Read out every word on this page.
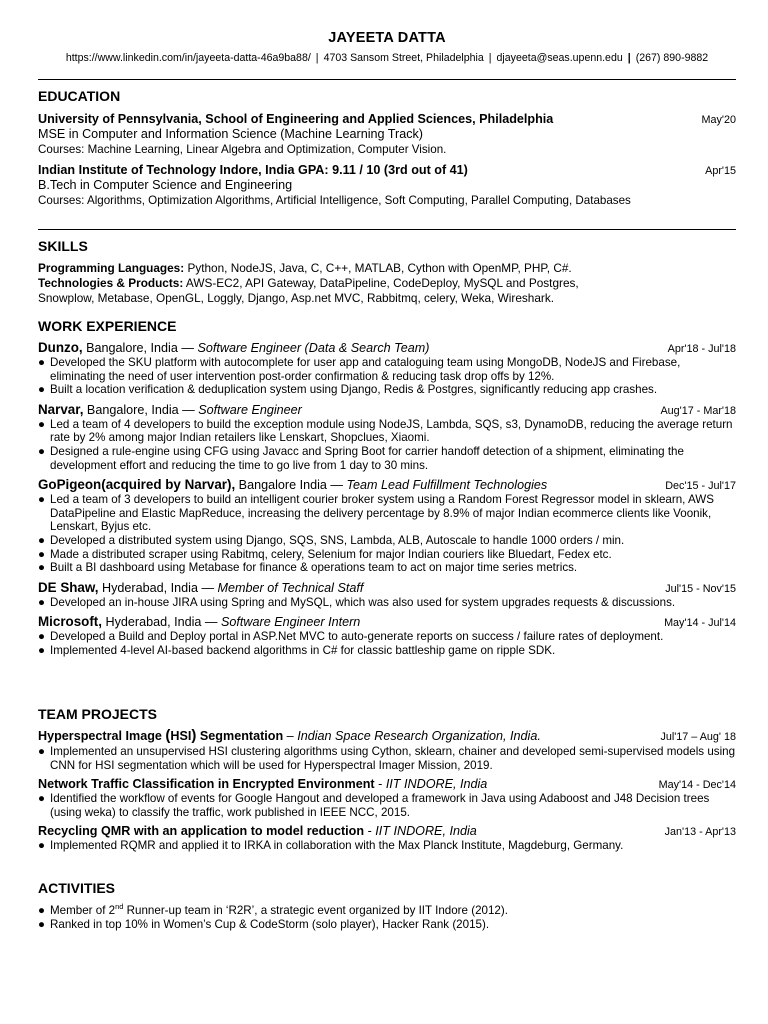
JAYEETA DATTA
https://www.linkedin.com/in/jayeeta-datta-46a9ba88/ | 4703 Sansom Street, Philadelphia | djayeeta@seas.upenn.edu | (267) 890-9882
EDUCATION
University of Pennsylvania, School of Engineering and Applied Sciences, Philadelphia	May'20
MSE in Computer and Information Science (Machine Learning Track)
Courses: Machine Learning, Linear Algebra and Optimization, Computer Vision.
Indian Institute of Technology Indore, India GPA: 9.11 / 10 (3rd out of 41)	Apr'15
B.Tech in Computer Science and Engineering
Courses: Algorithms, Optimization Algorithms, Artificial Intelligence, Soft Computing, Parallel Computing, Databases
SKILLS
Programming Languages: Python, NodeJS, Java, C, C++, MATLAB, Cython with OpenMP, PHP, C#.
Technologies & Products: AWS-EC2, API Gateway, DataPipeline, CodeDeploy, MySQL and Postgres,
Snowplow, Metabase, OpenGL, Loggly, Django, Asp.net MVC, Rabbitmq, celery, Weka, Wireshark.
WORK EXPERIENCE
Dunzo, Bangalore, India — Software Engineer (Data & Search Team)	Apr'18 - Jul'18
● Developed the SKU platform with autocomplete for user app and cataloguing team using MongoDB, NodeJS and Firebase, eliminating the need of user intervention post-order confirmation & reducing task drop offs by 12%.
● Built a location verification & deduplication system using Django, Redis & Postgres, significantly reducing app crashes.
Narvar, Bangalore, India — Software Engineer	Aug'17 - Mar'18
● Led a team of 4 developers to build the exception module using NodeJS, Lambda, SQS, s3, DynamoDB, reducing the average return rate by 2% among major Indian retailers like Lenskart, Shopclues, Xiaomi.
● Designed a rule-engine using CFG using Javacc and Spring Boot for carrier handoff detection of a shipment, eliminating the development effort and reducing the time to go live from 1 day to 30 mins.
GoPigeon(acquired by Narvar), Bangalore India — Team Lead Fulfillment Technologies	Dec'15 - Jul'17
● Led a team of 3 developers to build an intelligent courier broker system using a Random Forest Regressor model in sklearn, AWS DataPipeline and Elastic MapReduce, increasing the delivery percentage by 8.9% of major Indian ecommerce clients like Voonik, Lenskart, Byjus etc.
● Developed a distributed system using Django, SQS, SNS, Lambda, ALB, Autoscale to handle 1000 orders / min.
● Made a distributed scraper using Rabitmq, celery, Selenium for major Indian couriers like Bluedart, Fedex etc.
● Built a BI dashboard using Metabase for finance & operations team to act on major time series metrics.
DE Shaw, Hyderabad, India — Member of Technical Staff	Jul'15 - Nov'15
● Developed an in-house JIRA using Spring and MySQL, which was also used for system upgrades requests & discussions.
Microsoft, Hyderabad, India — Software Engineer Intern	May'14 - Jul'14
● Developed a Build and Deploy portal in ASP.Net MVC to auto-generate reports on success / failure rates of deployment.
● Implemented 4-level AI-based backend algorithms in C# for classic battleship game on ripple SDK.
TEAM PROJECTS
Hyperspectral Image (HSI) Segmentation – Indian Space Research Organization, India.	Jul'17 – Aug' 18
● Implemented an unsupervised HSI clustering algorithms using Cython, sklearn, chainer and developed semi-supervised models using CNN for HSI segmentation which will be used for Hyperspectral Imager Mission, 2019.
Network Traffic Classification in Encrypted Environment - IIT INDORE, India	May'14 - Dec'14
● Identified the workflow of events for Google Hangout and developed a framework in Java using Adaboost and J48 Decision trees (using weka) to classify the traffic, work published in IEEE NCC, 2015.
Recycling QMR with an application to model reduction - IIT INDORE, India	Jan'13 - Apr'13
● Implemented RQMR and applied it to IRKA in collaboration with the Max Planck Institute, Magdeburg, Germany.
ACTIVITIES
● Member of 2nd Runner-up team in ‘R2R’, a strategic event organized by IIT Indore (2012).
● Ranked in top 10% in Women’s Cup & CodeStorm (solo player), Hacker Rank (2015).
